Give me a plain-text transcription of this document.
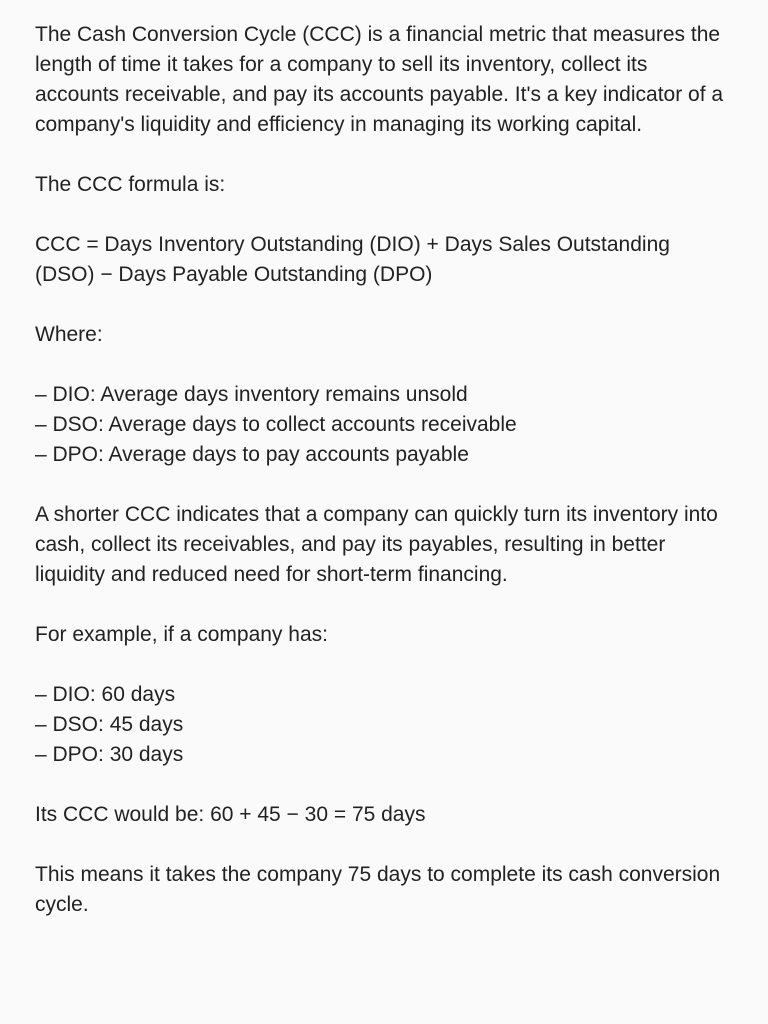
The Cash Conversion Cycle (CCC) is a financial metric that measures the length of time it takes for a company to sell its inventory, collect its accounts receivable, and pay its accounts payable. It's a key indicator of a company's liquidity and efficiency in managing its working capital.

The CCC formula is:

CCC = Days Inventory Outstanding (DIO) + Days Sales Outstanding (DSO) − Days Payable Outstanding (DPO)

Where:

– DIO: Average days inventory remains unsold
– DSO: Average days to collect accounts receivable
– DPO: Average days to pay accounts payable

A shorter CCC indicates that a company can quickly turn its inventory into cash, collect its receivables, and pay its payables, resulting in better liquidity and reduced need for short-term financing.

For example, if a company has:

– DIO: 60 days
– DSO: 45 days
– DPO: 30 days

Its CCC would be: 60 + 45 − 30 = 75 days

This means it takes the company 75 days to complete its cash conversion cycle.
